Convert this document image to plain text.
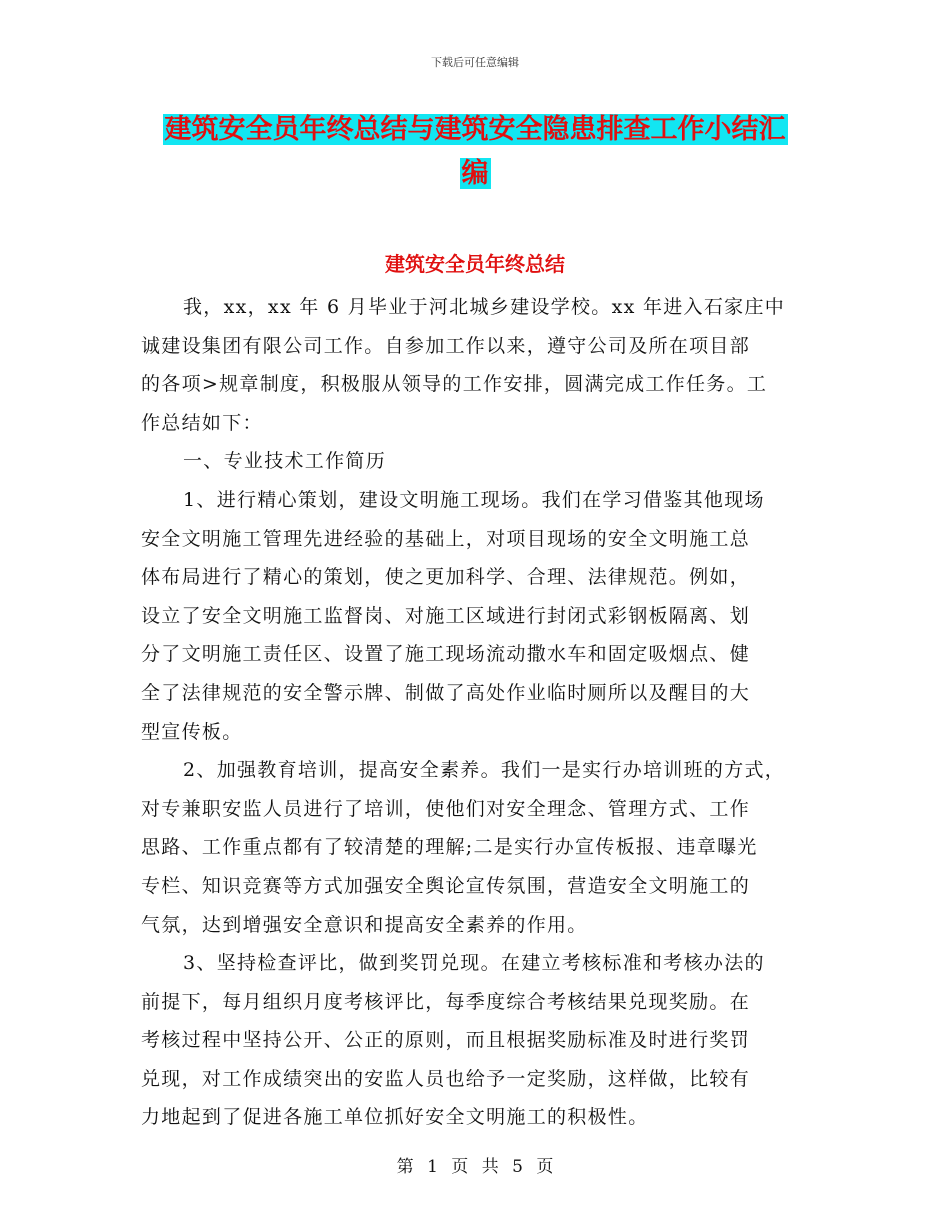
下载后可任意编辑
建筑安全员年终总结与建筑安全隐患排查工作小结汇
编
建筑安全员年终总结
我，xx，xx 年 6 月毕业于河北城乡建设学校。xx 年进入石家庄中
诚建设集团有限公司工作。自参加工作以来，遵守公司及所在项目部
的各项>规章制度，积极服从领导的工作安排，圆满完成工作任务。工
作总结如下：
一、专业技术工作简历
1、进行精心策划，建设文明施工现场。我们在学习借鉴其他现场
安全文明施工管理先进经验的基础上，对项目现场的安全文明施工总
体布局进行了精心的策划，使之更加科学、合理、法律规范。例如，
设立了安全文明施工监督岗、对施工区域进行封闭式彩钢板隔离、划
分了文明施工责任区、设置了施工现场流动撒水车和固定吸烟点、健
全了法律规范的安全警示牌、制做了高处作业临时厕所以及醒目的大
型宣传板。
2、加强教育培训，提高安全素养。我们一是实行办培训班的方式，
对专兼职安监人员进行了培训，使他们对安全理念、管理方式、工作
思路、工作重点都有了较清楚的理解;二是实行办宣传板报、违章曝光
专栏、知识竞赛等方式加强安全舆论宣传氛围，营造安全文明施工的
气氛，达到增强安全意识和提高安全素养的作用。
3、坚持检查评比，做到奖罚兑现。在建立考核标准和考核办法的
前提下，每月组织月度考核评比，每季度综合考核结果兑现奖励。在
考核过程中坚持公开、公正的原则，而且根据奖励标准及时进行奖罚
兑现，对工作成绩突出的安监人员也给予一定奖励，这样做，比较有
力地起到了促进各施工单位抓好安全文明施工的积极性。
第 1 页 共 5 页
